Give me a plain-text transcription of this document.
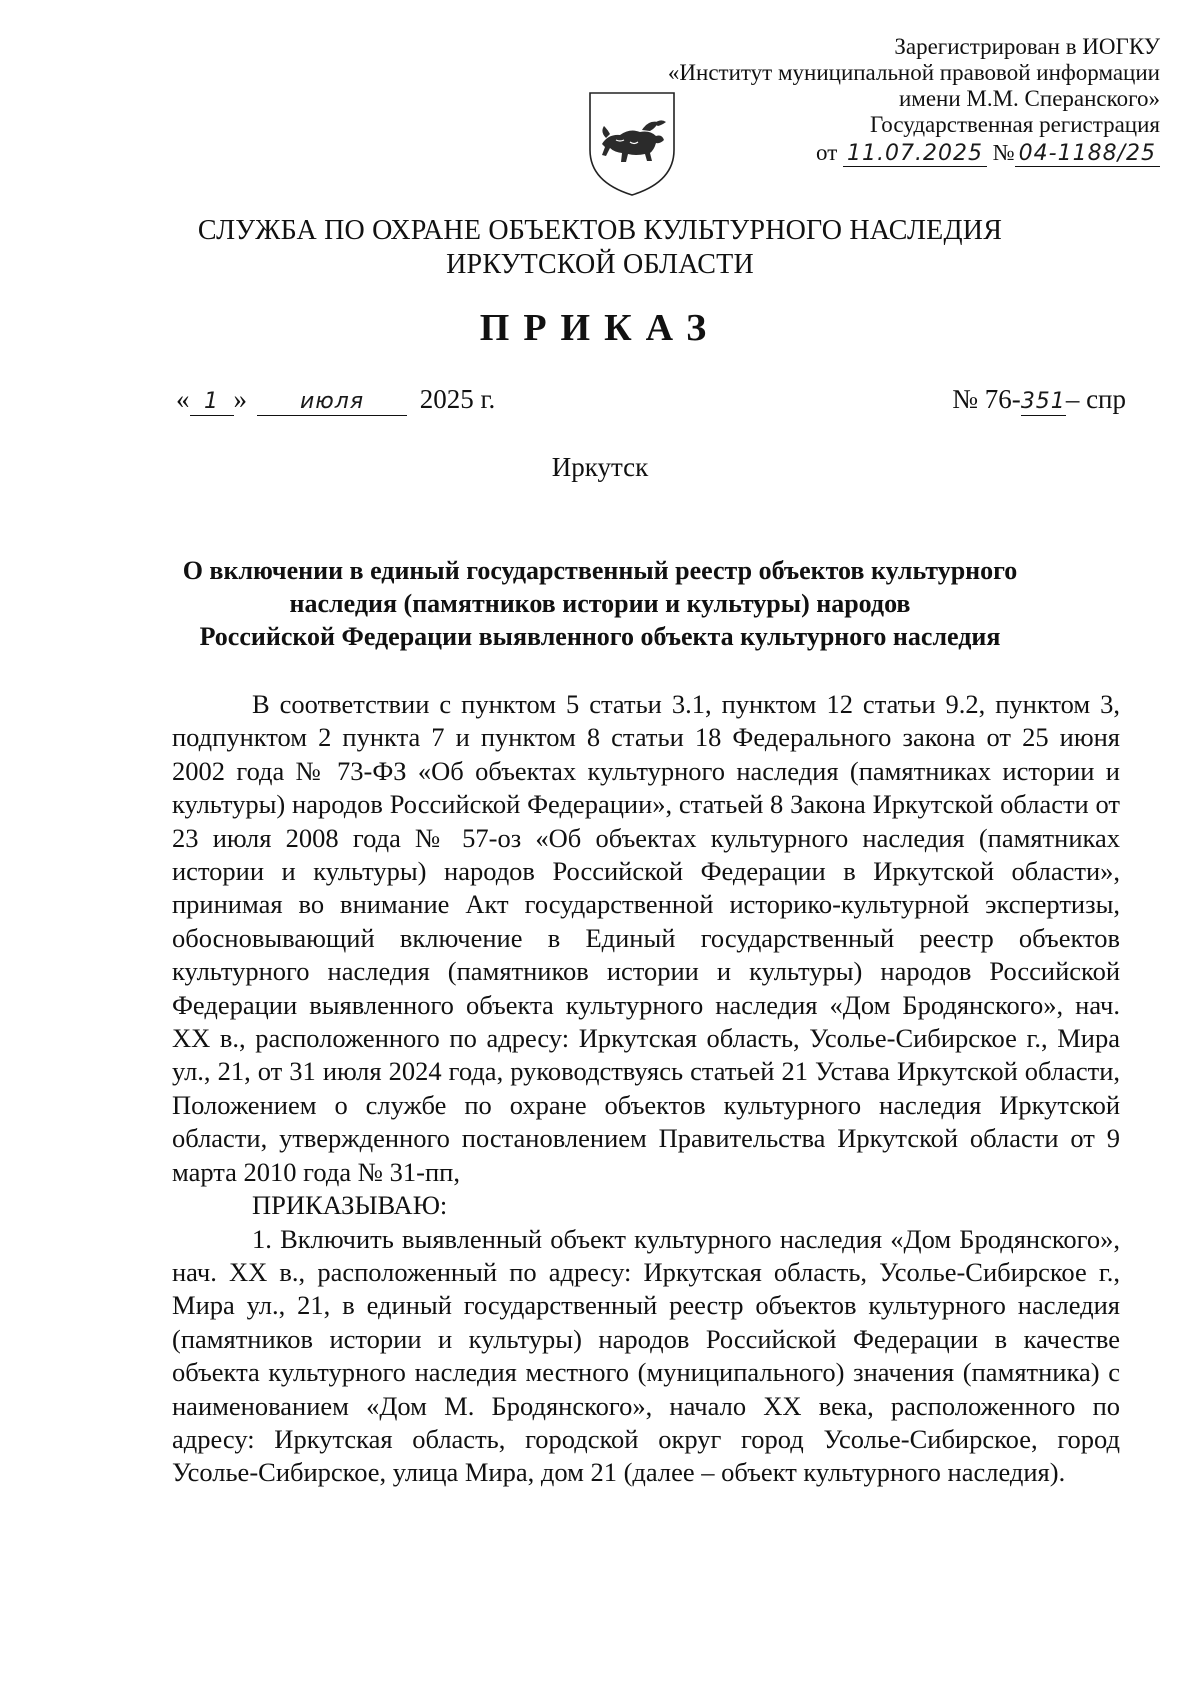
Зарегистрирован в ИОГКУ
«Институт муниципальной правовой информации
имени М.М. Сперанского»
Государственная регистрация
от 11.07.2025 № 04-1188/25
СЛУЖБА ПО ОХРАНЕ ОБЪЕКТОВ КУЛЬТУРНОГО НАСЛЕДИЯ
ИРКУТСКОЙ ОБЛАСТИ
ПРИКАЗ
« 1 » июля 2025 г.	№ 76-351– спр
Иркутск
О включении в единый государственный реестр объектов культурного
наследия (памятников истории и культуры) народов
Российской Федерации выявленного объекта культурного наследия

В соответствии с пунктом 5 статьи 3.1, пунктом 12 статьи 9.2, пунктом 3, подпунктом 2 пункта 7 и пунктом 8 статьи 18 Федерального закона от 25 июня 2002 года № 73-ФЗ «Об объектах культурного наследия (памятниках истории и культуры) народов Российской Федерации», статьей 8 Закона Иркутской области от 23 июля 2008 года № 57-оз «Об объектах культурного наследия (памятниках истории и культуры) народов Российской Федерации в Иркутской области», принимая во внимание Акт государственной историко-культурной экспертизы, обосновывающий включение в Единый государственный реестр объектов культурного наследия (памятников истории и культуры) народов Российской Федерации выявленного объекта культурного наследия «Дом Бродянского», нач. XX в., расположенного по адресу: Иркутская область, Усолье-Сибирское г., Мира ул., 21, от 31 июля 2024 года, руководствуясь статьей 21 Устава Иркутской области, Положением о службе по охране объектов культурного наследия Иркутской области, утвержденного постановлением Правительства Иркутской области от 9 марта 2010 года № 31-пп,

ПРИКАЗЫВАЮ:

1. Включить выявленный объект культурного наследия «Дом Бродянского», нач. XX в., расположенный по адресу: Иркутская область, Усолье-Сибирское г., Мира ул., 21, в единый государственный реестр объектов культурного наследия (памятников истории и культуры) народов Российской Федерации в качестве объекта культурного наследия местного (муниципального) значения (памятника) с наименованием «Дом М. Бродянского», начало XX века, расположенного по адресу: Иркутская область, городской округ город Усолье-Сибирское, город Усолье-Сибирское, улица Мира, дом 21 (далее – объект культурного наследия).
